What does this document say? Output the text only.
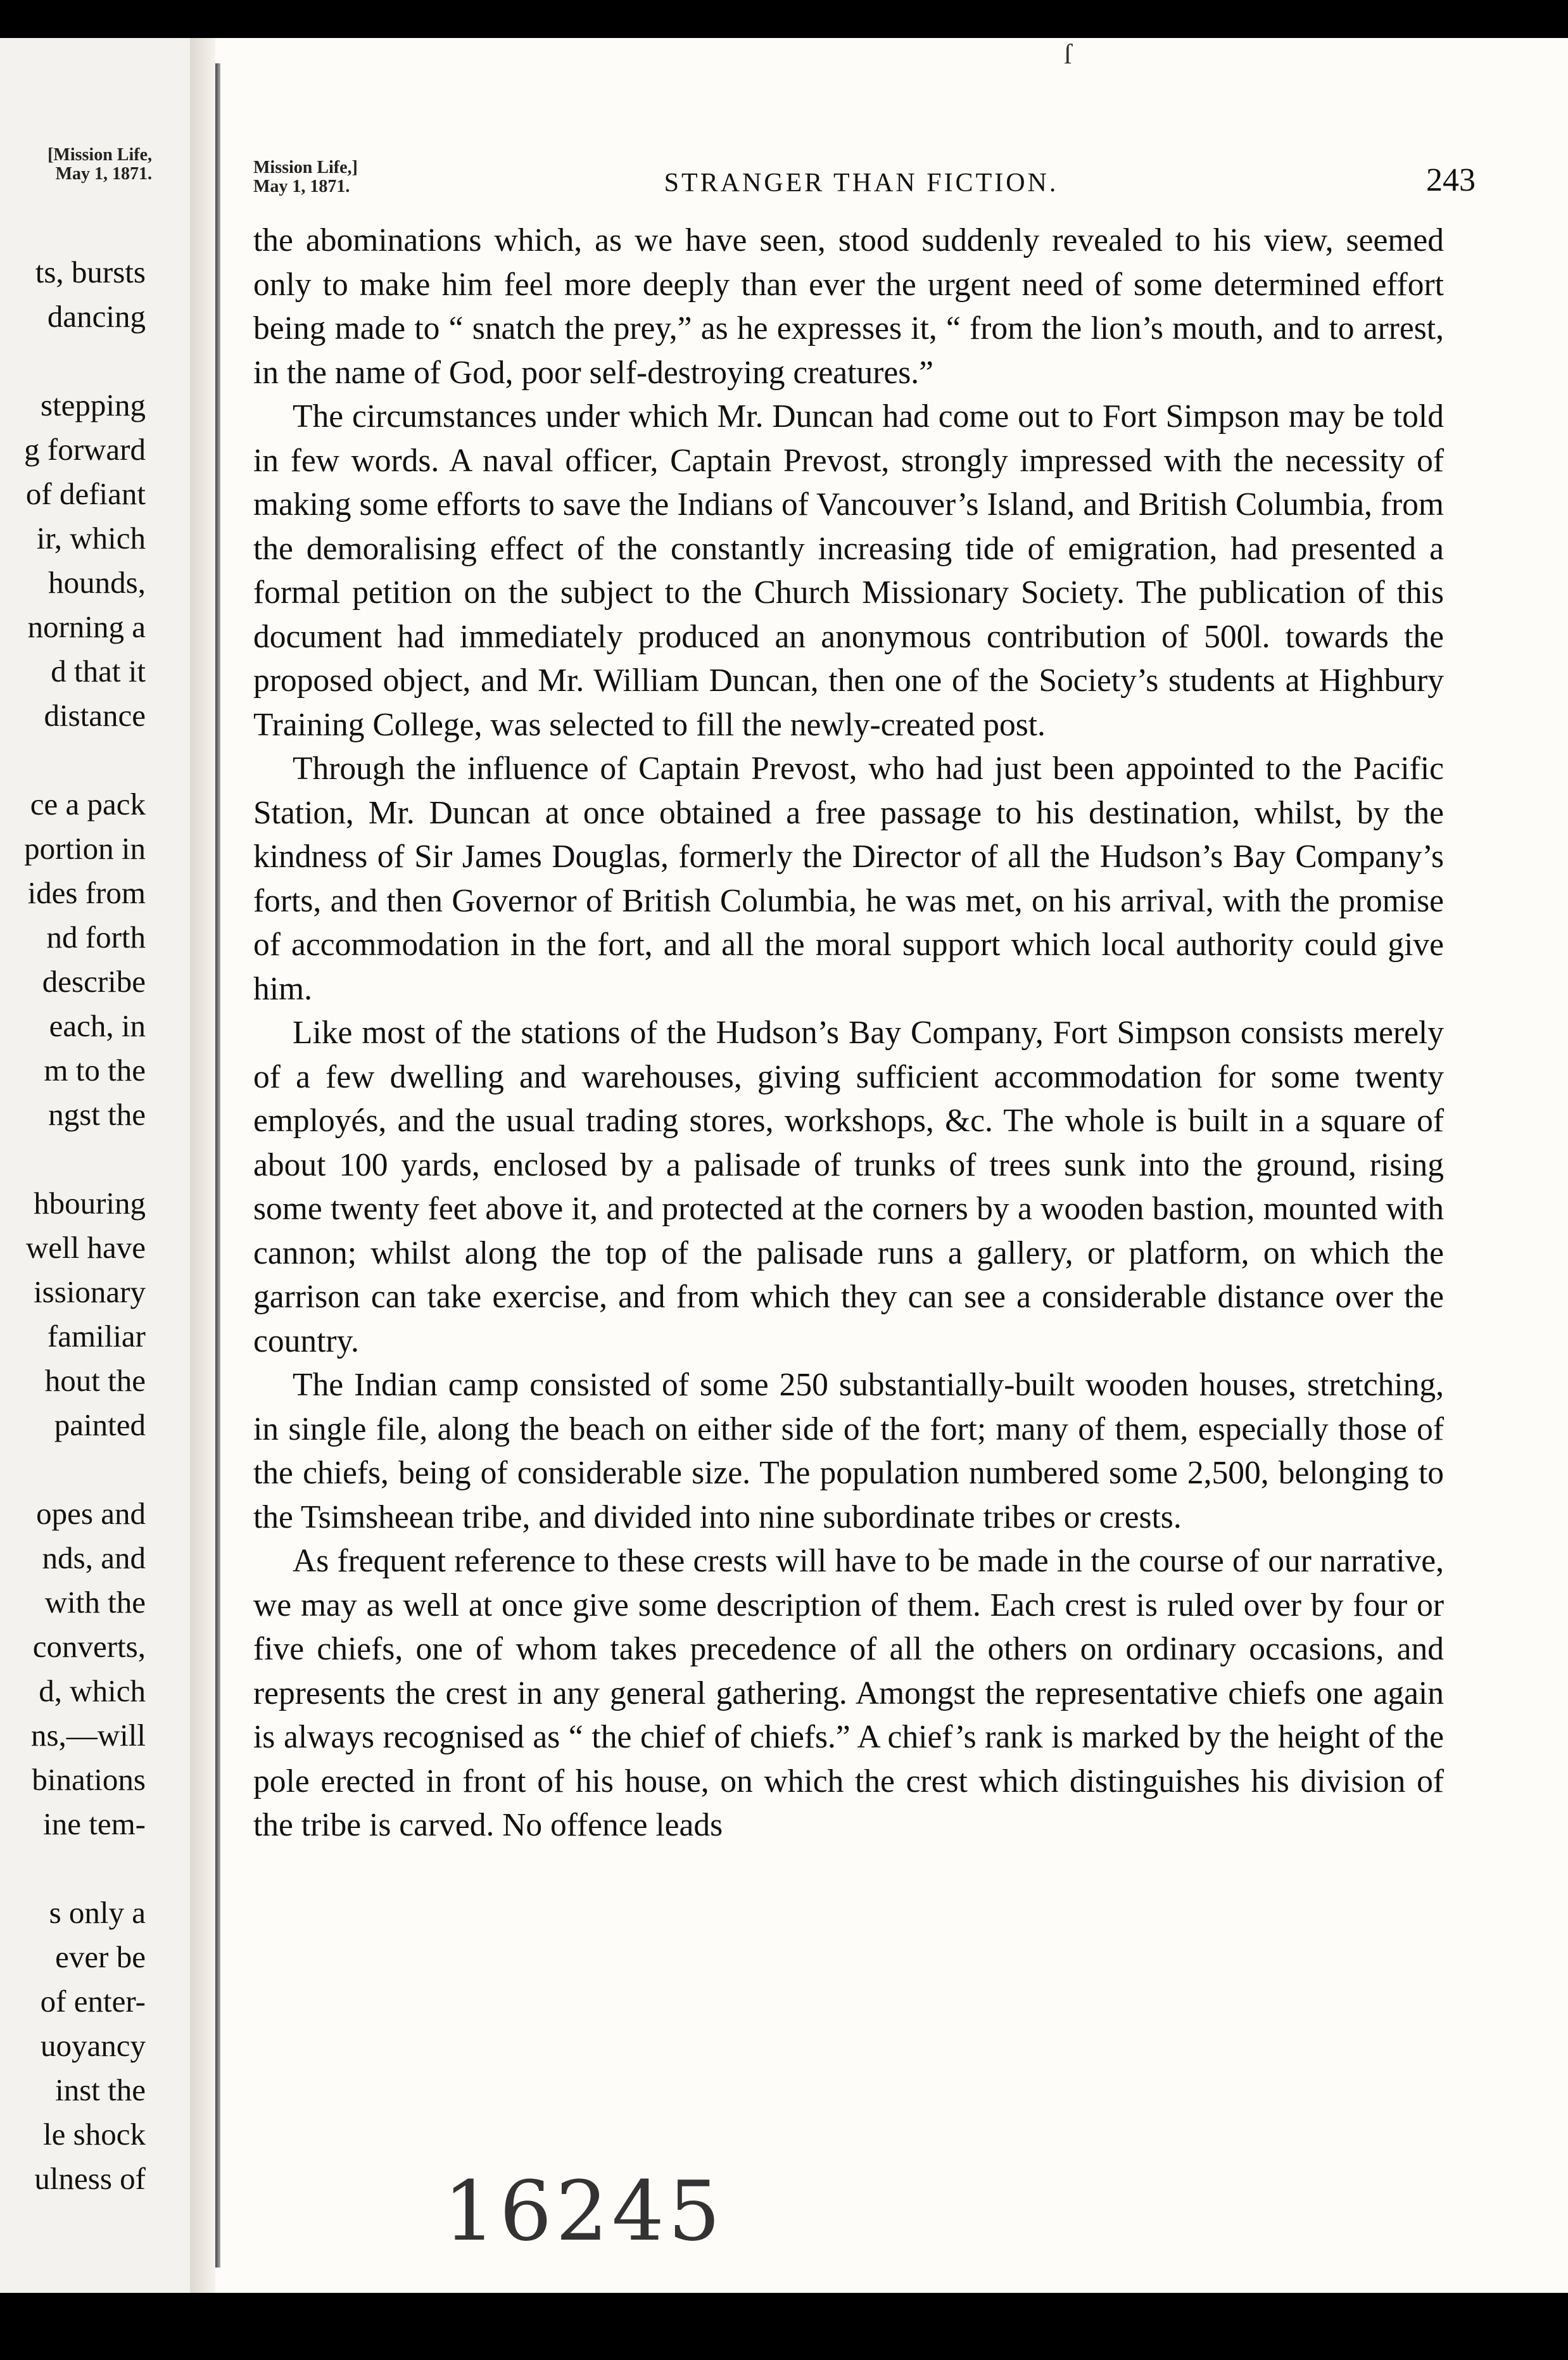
[Mission Life,
May 1, 1871.
ts, bursts
dancing
stepping
g forward
of defiant
ir, which
hounds,
norning a
d that it
distance
ce a pack
portion in
ides from
nd forth
describe
each, in
m to the
ngst the
hbouring
well have
issionary
familiar
hout the
painted
opes and
nds, and
with the
converts,
d, which
ns,—will
binations
ine tem-
s only a
ever be
of enter-
uoyancy
inst the
le shock
ulness of
ſ
Mission Life,]
May 1, 1871.	STRANGER THAN FICTION.	243

the abominations which, as we have seen, stood suddenly revealed to his view, seemed only to make him feel more deeply than ever the urgent need of some determined effort being made to “ snatch the prey,” as he expresses it, “ from the lion’s mouth, and to arrest, in the name of God, poor self-destroying creatures.”

The circumstances under which Mr. Duncan had come out to Fort Simpson may be told in few words. A naval officer, Captain Prevost, strongly impressed with the necessity of making some efforts to save the Indians of Vancouver’s Island, and British Columbia, from the demoralising effect of the constantly increasing tide of emigration, had presented a formal petition on the subject to the Church Missionary Society. The publication of this document had immediately produced an anonymous contribution of 500l. towards the proposed object, and Mr. William Duncan, then one of the Society’s students at Highbury Training College, was selected to fill the newly-created post.

Through the influence of Captain Prevost, who had just been appointed to the Pacific Station, Mr. Duncan at once obtained a free passage to his destination, whilst, by the kindness of Sir James Douglas, formerly the Director of all the Hudson’s Bay Company’s forts, and then Governor of British Columbia, he was met, on his arrival, with the promise of accommodation in the fort, and all the moral support which local authority could give him.

Like most of the stations of the Hudson’s Bay Company, Fort Simpson consists merely of a few dwelling and warehouses, giving sufficient accommodation for some twenty employés, and the usual trading stores, workshops, &c. The whole is built in a square of about 100 yards, enclosed by a palisade of trunks of trees sunk into the ground, rising some twenty feet above it, and protected at the corners by a wooden bastion, mounted with cannon; whilst along the top of the palisade runs a gallery, or platform, on which the garrison can take exercise, and from which they can see a considerable distance over the country.

The Indian camp consisted of some 250 substantially-built wooden houses, stretching, in single file, along the beach on either side of the fort; many of them, especially those of the chiefs, being of considerable size. The population numbered some 2,500, belonging to the Tsimsheean tribe, and divided into nine subordinate tribes or crests.

As frequent reference to these crests will have to be made in the course of our narrative, we may as well at once give some description of them. Each crest is ruled over by four or five chiefs, one of whom takes precedence of all the others on ordinary occasions, and represents the crest in any general gathering. Amongst the representative chiefs one again is always recognised as “ the chief of chiefs.” A chief’s rank is marked by the height of the pole erected in front of his house, on which the crest which distinguishes his division of the tribe is carved. No offence leads

16245
